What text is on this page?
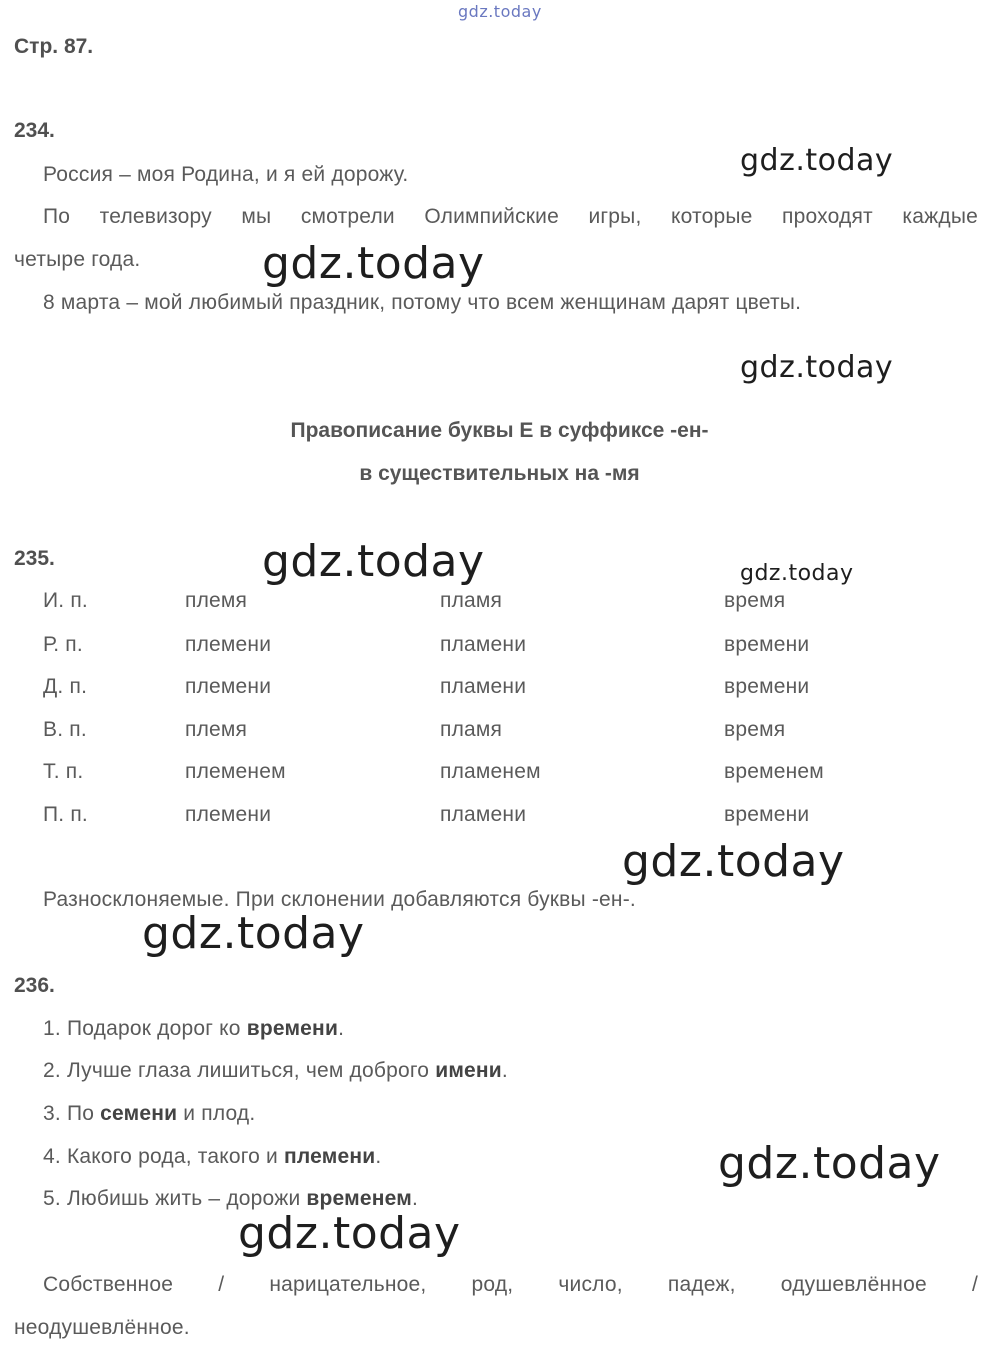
gdz.today
Стр. 87.
234.
gdz.today
Россия – моя Родина, и я ей дорожу.
По телевизору мы смотрели Олимпийские игры, которые проходят каждые
четыре года.	gdz.today
8 марта – мой любимый праздник, потому что всем женщинам дарят цветы.
gdz.today
Правописание буквы Е в суффиксе -ен-
в существительных на -мя
235.	gdz.today	gdz.today
И. п.	племя	пламя	время
Р. п.	племени	пламени	времени
Д. п.	племени	пламени	времени
В. п.	племя	пламя	время
Т. п.	племенем	пламенем	временем
П. п.	племени	пламени	времени
gdz.today
Разносклоняемые. При склонении добавляются буквы -ен-.
gdz.today
236.
1. Подарок дорог ко времени.
2. Лучше глаза лишиться, чем доброго имени.
3. По семени и плод.
4. Какого рода, такого и племени.	gdz.today
5. Любишь жить – дорожи временем.
gdz.today
Собственное / нарицательное, род, число, падеж, одушевлённое /
неодушевлённое.
